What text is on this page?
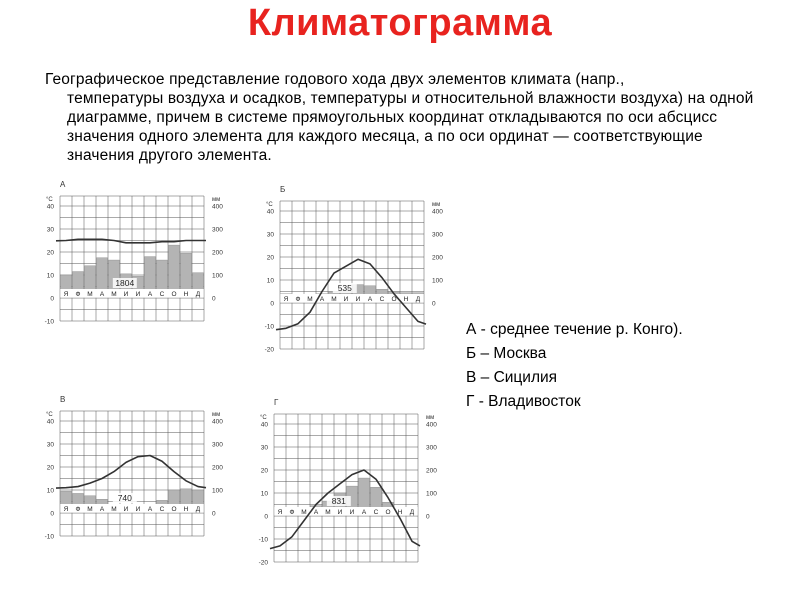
Климатограмма
Географическое представление годового хода двух элементов климата (напр.,
температуры воздуха и осадков, температуры и относительной влажности воздуха) на одной диаграмме, причем в системе прямоугольных координат откладываются по оси абсцисс значения одного элемента для каждого месяца, а по оси ординат — соответствующие значения другого элемента.
А
°С	мм
40
30
20
10
0
-10
400
300
200
100
0
Я Ф М А М И И А С О Н Д
1804
Б
°С	мм
40
30
20
10
0
-10
-20
400
300
200
100
0
Я Ф М А М И И А С О Н Д
535
В
°С	мм
40
30
20
10
0
-10
400
300
200
100
0
Я Ф М А М И И А С О Н Д
740
Г
°С	мм
40
30
20
10
0
-10
-20
400
300
200
100
0
Я Ф М А М И И А С О Н Д
831
А - среднее течение р. Конго).
Б – Москва
В – Сицилия
Г - Владивосток
